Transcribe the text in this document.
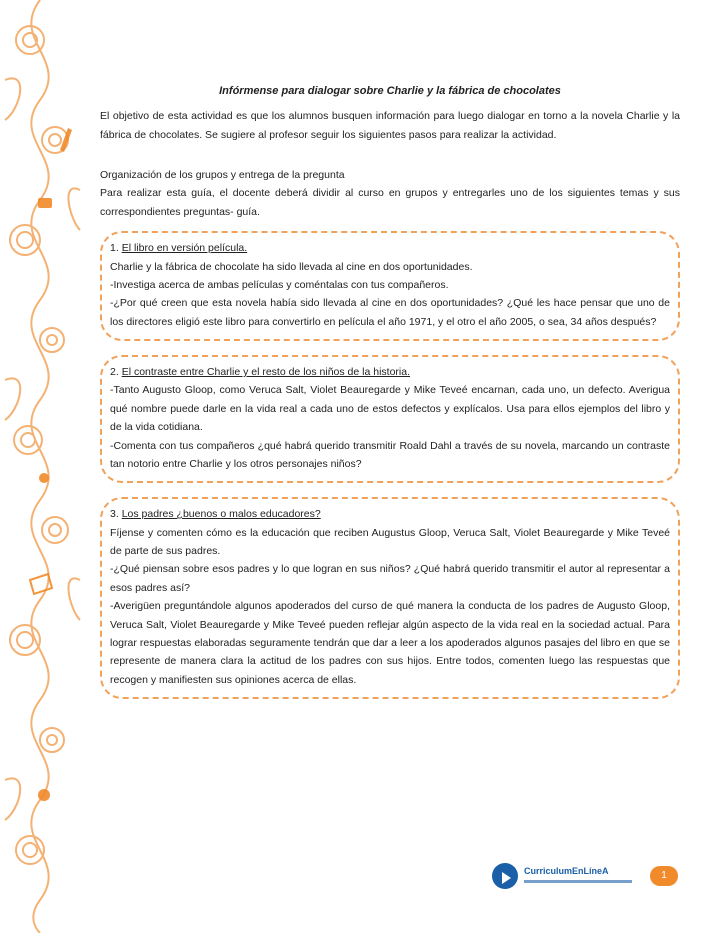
Infórmense para dialogar sobre Charlie y la fábrica de chocolates

El objetivo de esta actividad es que los alumnos busquen información para luego dialogar en torno a la novela Charlie y la fábrica de chocolates. Se sugiere al profesor seguir los siguientes pasos para realizar la actividad.

Organización de los grupos y entrega de la pregunta

Para realizar esta guía, el docente deberá dividir al curso en grupos y entregarles uno de los siguientes temas y sus correspondientes preguntas- guía.

1. El libro en versión película.

Charlie y la fábrica de chocolate ha sido llevada al cine en dos oportunidades.

-Investiga acerca de ambas películas y coméntalas con tus compañeros.

-¿Por qué creen que esta novela había sido llevada al cine en dos oportunidades? ¿Qué les hace pensar que uno de los directores eligió este libro para convertirlo en película el año 1971, y el otro el año 2005, o sea, 34 años después?

2. El contraste entre Charlie y el resto de los niños de la historia.

-Tanto Augusto Gloop, como Veruca Salt, Violet Beauregarde y Mike Teveé encarnan, cada uno, un defecto. Averigua qué nombre puede darle en la vida real a cada uno de estos defectos y explícalos. Usa para ellos ejemplos del libro y de la vida cotidiana.

-Comenta con tus compañeros ¿qué habrá querido transmitir Roald Dahl a través de su novela, marcando un contraste tan notorio entre Charlie y los otros personajes niños?

3. Los padres ¿buenos o malos educadores?

Fíjense y comenten cómo es la educación que reciben Augustus Gloop, Veruca Salt, Violet Beauregarde y Mike Teveé de parte de sus padres.

-¿Qué piensan sobre esos padres y lo que logran en sus niños? ¿Qué habrá querido transmitir el autor al representar a esos padres así?

-Averigüen preguntándole algunos apoderados del curso de qué manera la conducta de los padres de Augusto Gloop, Veruca Salt, Violet Beauregarde y Mike Teveé pueden reflejar algún aspecto de la vida real en la sociedad actual. Para lograr respuestas elaboradas seguramente tendrán que dar a leer a los apoderados algunos pasajes del libro en que se represente de manera clara la actitud de los padres con sus hijos. Entre todos, comenten luego las respuestas que recogen y manifiesten sus opiniones acerca de ellas.

CurriculumEnLíneA	1
